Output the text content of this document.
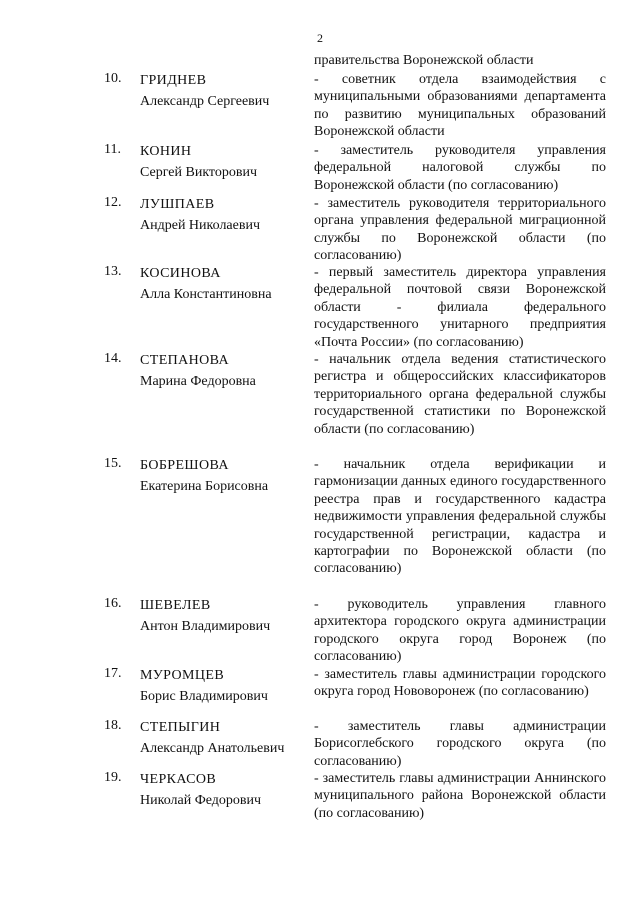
2
правительства Воронежской области
10.	ГРИДНЕВ
Александр Сергеевич
- советник отдела взаимодействия с муниципальными образованиями департамента по развитию муниципальных образований Воронежской области
11.	КОНИН
Сергей Викторович
- заместитель руководителя управления федеральной налоговой службы по Воронежской области (по согласованию)
12.	ЛУШПАЕВ
Андрей Николаевич
- заместитель руководителя территориального органа управления федеральной миграционной службы по Воронежской области (по согласованию)
13.	КОСИНОВА
Алла Константиновна
- первый заместитель директора управления федеральной почтовой связи Воронежской области - филиала федерального государственного унитарного предприятия «Почта России» (по согласованию)
14.	СТЕПАНОВА
Марина Федоровна
- начальник отдела ведения статистического регистра и общероссийских классификаторов территориального органа федеральной службы государственной статистики по Воронежской области (по согласованию)
15.	БОБРЕШОВА
Екатерина Борисовна
- начальник отдела верификации и гармонизации данных единого государственного реестра прав и государственного кадастра недвижимости управления федеральной службы государственной регистрации, кадастра и картографии по Воронежской области (по согласованию)
16.	ШЕВЕЛЕВ
Антон Владимирович
- руководитель управления главного архитектора городского округа администрации городского округа город Воронеж (по согласованию)
17.	МУРОМЦЕВ
Борис Владимирович
- заместитель главы администрации городского округа город Нововоронеж (по согласованию)
18.	СТЕПЫГИН
Александр Анатольевич
- заместитель главы администрации Борисоглебского городского округа (по согласованию)
19.	ЧЕРКАСОВ
Николай Федорович
- заместитель главы администрации Аннинского муниципального района Воронежской области (по согласованию)
